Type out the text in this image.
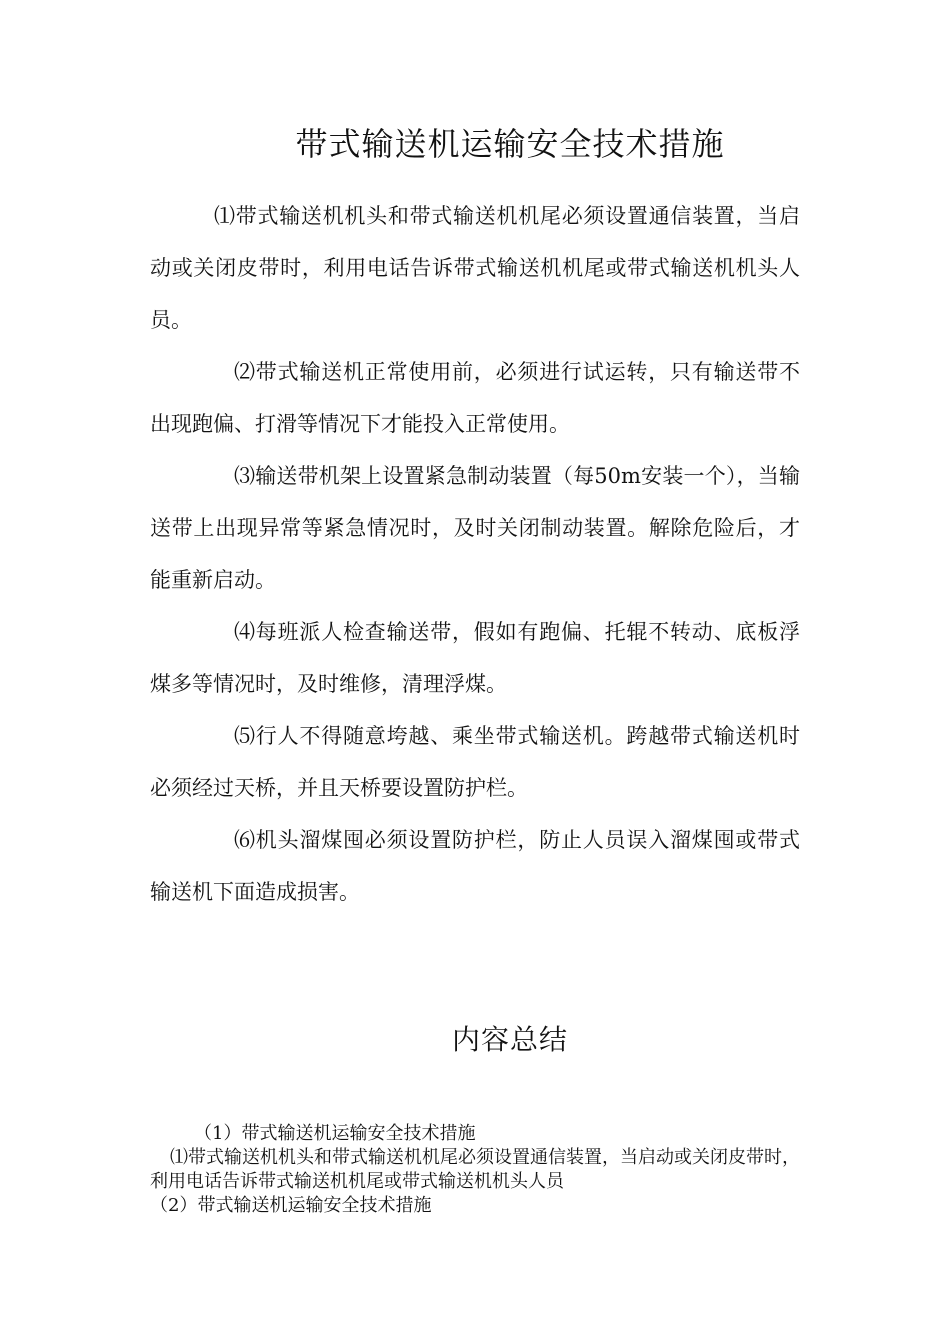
带式输送机运输安全技术措施

⑴带式输送机机头和带式输送机机尾必须设置通信装置，当启动或关闭皮带时，利用电话告诉带式输送机机尾或带式输送机机头人员。

⑵带式输送机正常使用前，必须进行试运转，只有输送带不出现跑偏、打滑等情况下才能投入正常使用。

⑶输送带机架上设置紧急制动装置（每50m安装一个），当输送带上出现异常等紧急情况时，及时关闭制动装置。解除危险后，才能重新启动。

⑷每班派人检查输送带，假如有跑偏、托辊不转动、底板浮煤多等情况时，及时维修，清理浮煤。

⑸行人不得随意垮越、乘坐带式输送机。跨越带式输送机时必须经过天桥，并且天桥要设置防护栏。

⑹机头溜煤囤必须设置防护栏，防止人员误入溜煤囤或带式输送机下面造成损害。

内容总结

（1）带式输送机运输安全技术措施

⑴带式输送机机头和带式输送机机尾必须设置通信装置，当启动或关闭皮带时，利用电话告诉带式输送机机尾或带式输送机机头人员

（2）带式输送机运输安全技术措施
